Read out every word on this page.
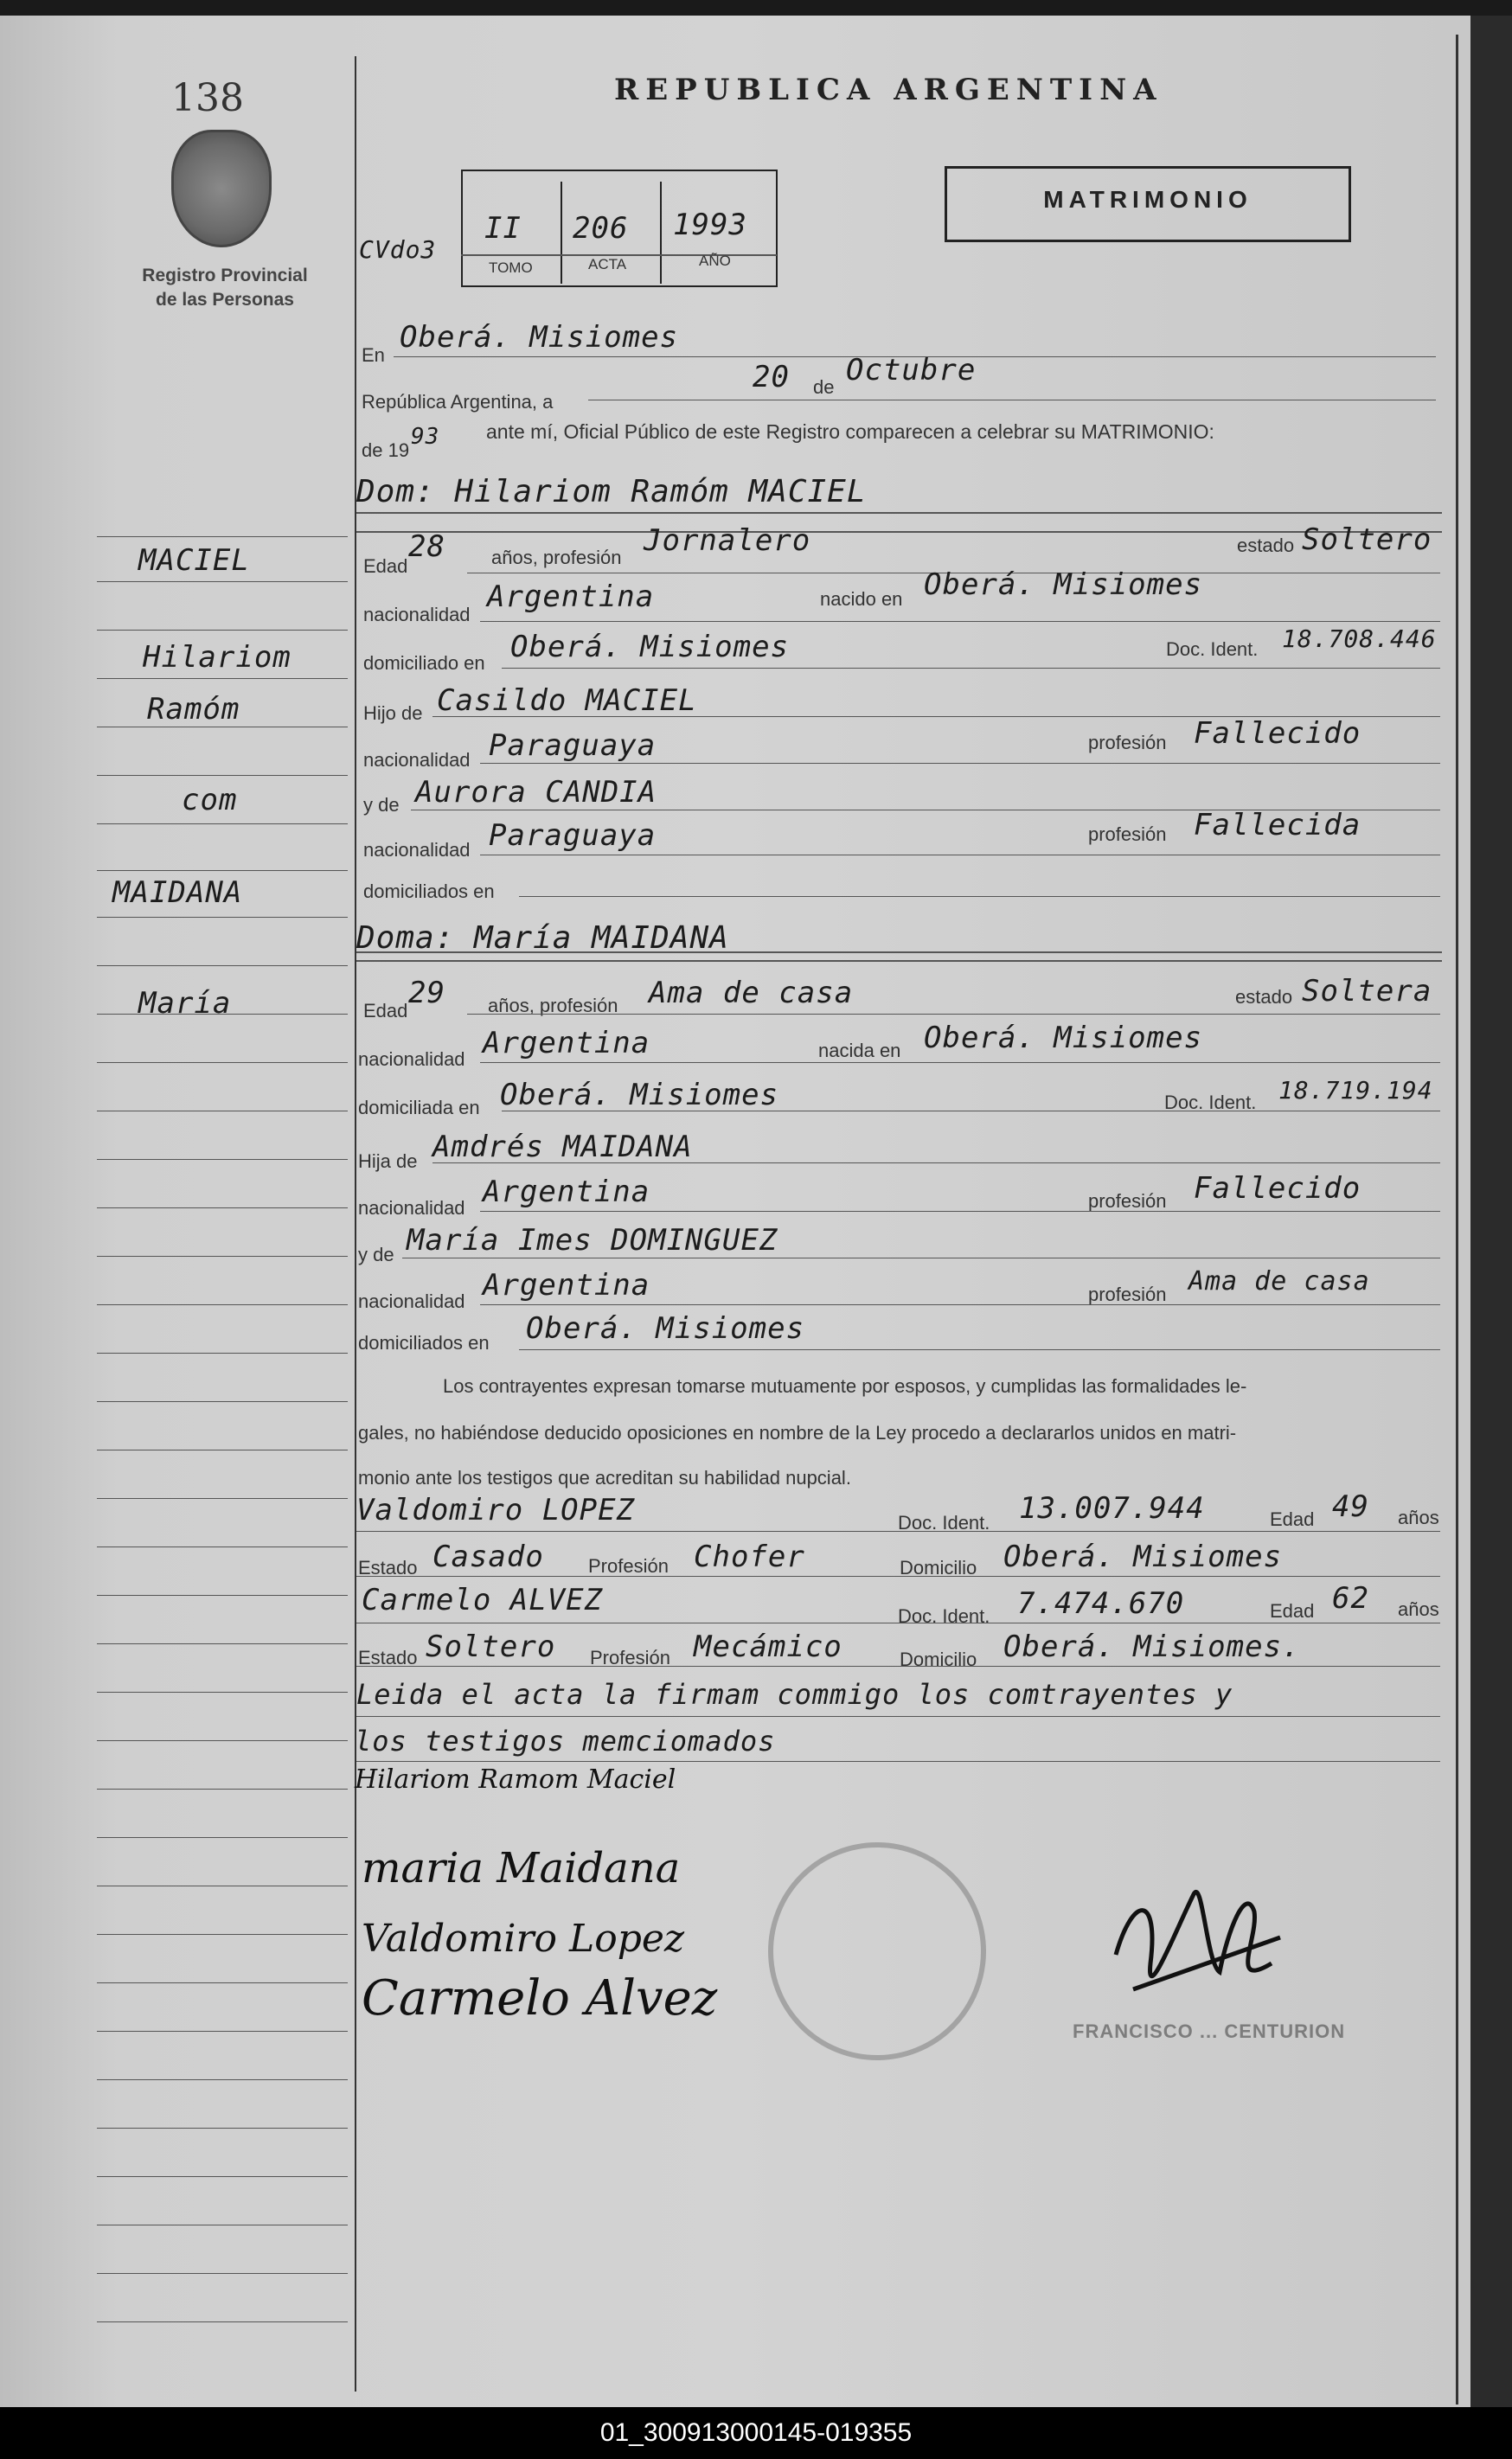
138
Registro Provincial de las Personas
MACIEL
Hilariom
Ramóm
com
MAIDANA
María
REPUBLICA ARGENTINA
MATRIMONIO
CVdo3
II 206 1993
TOMO	ACTA	AÑO
En
Oberá. Misiomes
República Argentina, a
20 de Octubre
de 19
93 ante mí, Oficial Público de este Registro comparecen a celebrar su MATRIMONIO:
Dom: Hilariom Ramóm MACIEL
Edad
28 años, profesión Jornalero	estado Soltero
nacionalidad
Argentina	nacido en Oberá. Misiomes
domiciliado en Oberá. Misiomes	Doc. Ident. 18.708.446
Hijo de Casildo MACIEL
nacionalidad Paraguaya	profesión Fallecido
y de Aurora CANDIA
nacionalidad Paraguaya	profesión Fallecida
domiciliados en
Doma: María MAIDANA
Edad
29 años, profesión Ama de casa	estado Soltera
nacionalidad Argentina	nacida en Oberá. Misiomes
domiciliada en Oberá. Misiomes	Doc. Ident. 18.719.194
Hija de Amdrés MAIDANA
nacionalidad Argentina	profesión Fallecido
y de María Imes DOMINGUEZ
nacionalidad Argentina	profesión Ama de casa
domiciliados en Oberá. Misiomes
Los contrayentes expresan tomarse mutuamente por esposos, y cumplidas las formalidades le-
gales, no habiéndose deducido oposiciones en nombre de la Ley procedo a declararlos unidos en matri-
monio ante los testigos que acreditan su habilidad nupcial.
Valdomiro LOPEZ	Doc. Ident. 13.007.944	Edad 49 años
Estado Casado Profesión Chofer	Domicilio Oberá. Misiomes
Carmelo ALVEZ	Doc. Ident. 7.474.670	Edad 62 años
Estado Soltero Profesión Mecámico	Domicilio Oberá. Misiomes.
Leida el acta la firmam commigo los comtrayentes y
los testigos memciomados
Hilariom Ramom Maciel
maria Maidana
Valdomiro Lopez
Carmelo Alvez
FRANCISCO ... CENTURION
01_300913000145-019355
